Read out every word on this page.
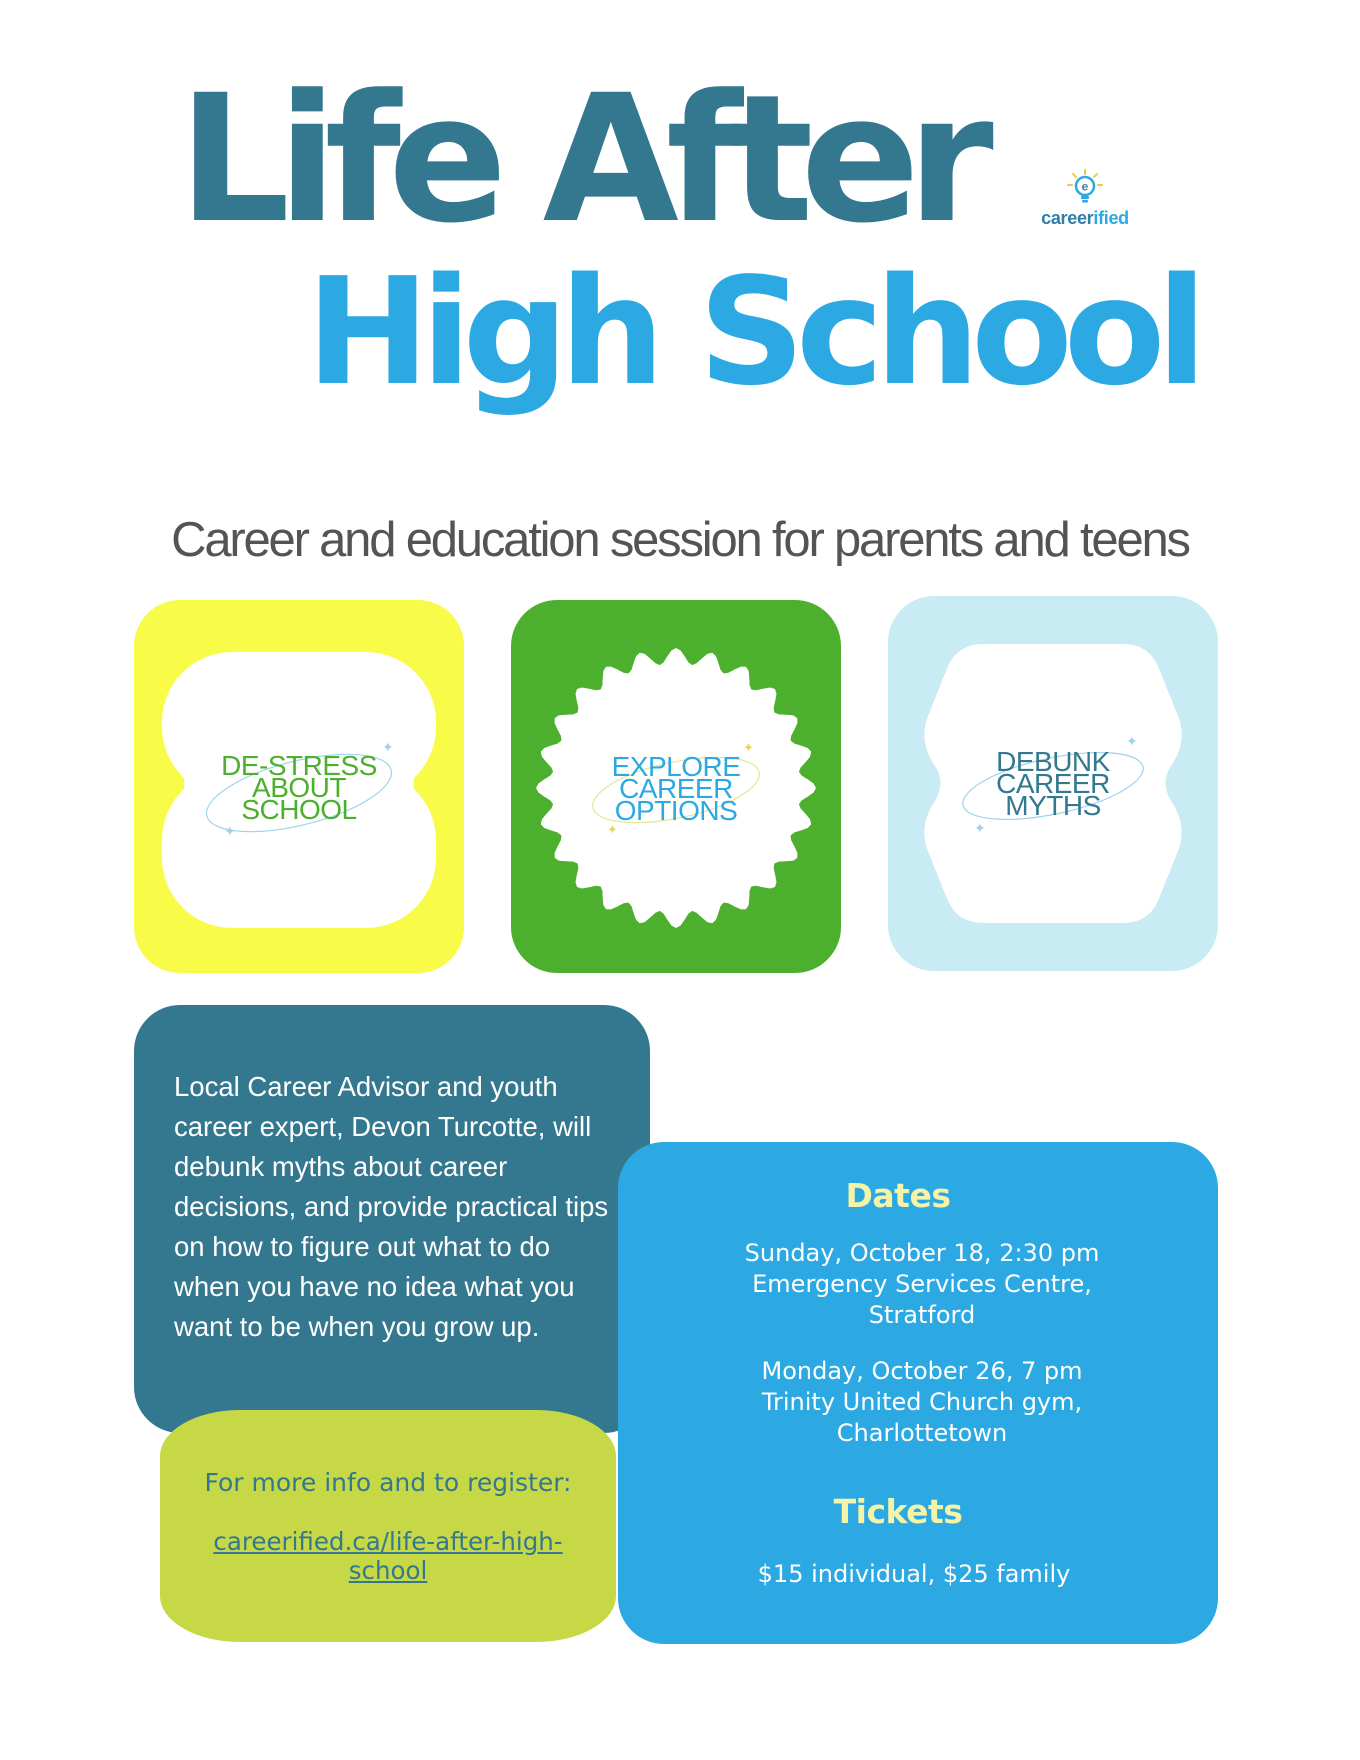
Life After
High School
e
careerified
Career and education session for parents and teens
✦
✦
DE-STRESS
ABOUT
SCHOOL
✦
✦
EXPLORE
CAREER
OPTIONS
✦
✦
DEBUNK
CAREER
MYTHS

Local Career Advisor and youth career expert, Devon Turcotte, will debunk myths about career decisions, and provide practical tips on how to figure out what to do when you have no idea what you want to be when you grow up.

For more info and to register:
careerified.ca/life-after-high-school
Dates
Sunday, October 18, 2:30 pm
Emergency Services Centre,
Stratford
Monday, October 26, 7 pm
Trinity United Church gym,
Charlottetown
Tickets
$15 individual, $25 family
